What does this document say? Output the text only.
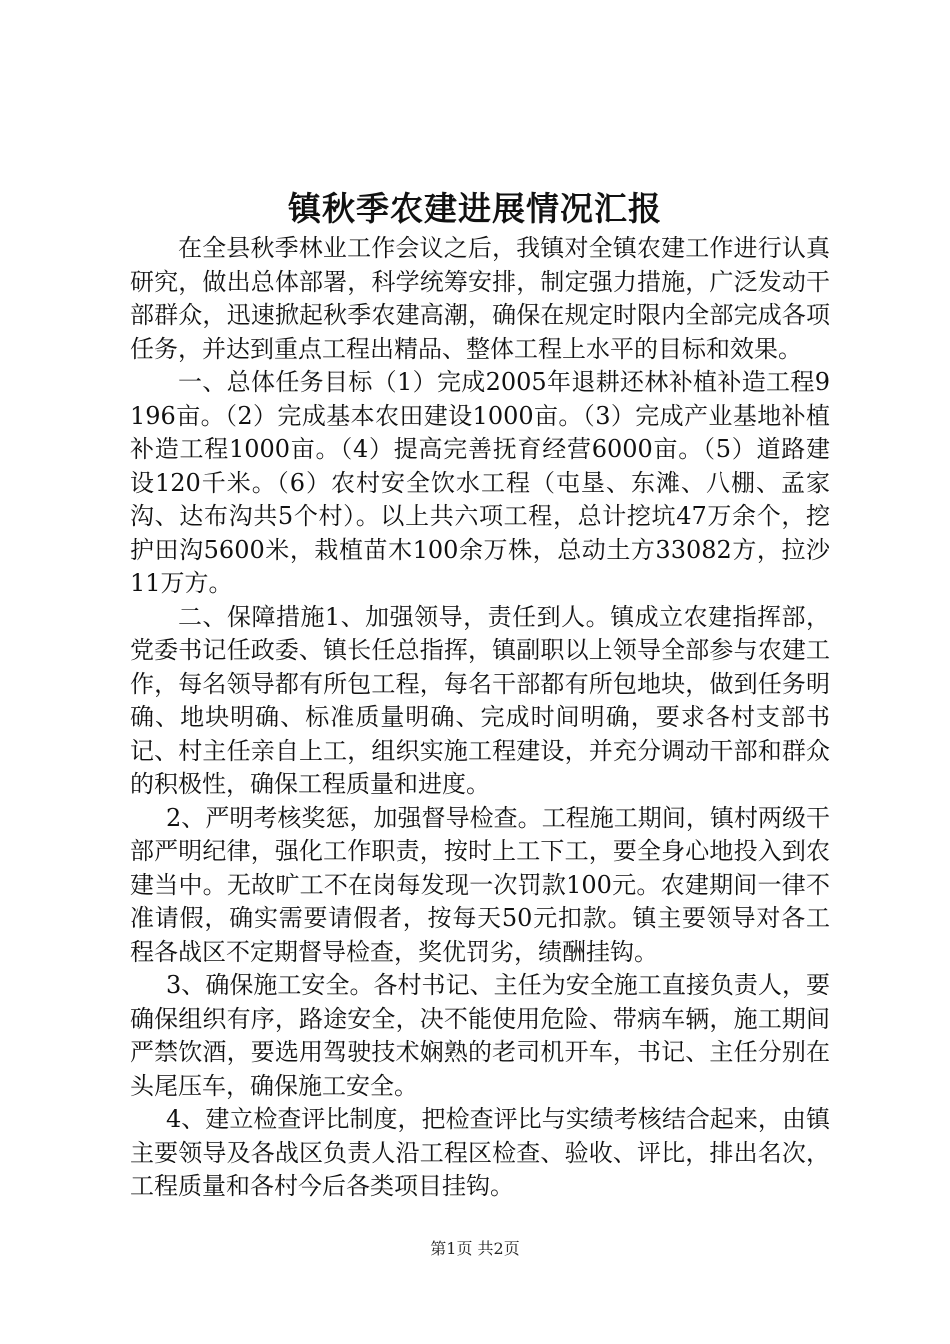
镇秋季农建进展情况汇报

在全县秋季林业工作会议之后，我镇对全镇农建工作进行认真研究，做出总体部署，科学统筹安排，制定强力措施，广泛发动干部群众，迅速掀起秋季农建高潮，确保在规定时限内全部完成各项任务，并达到重点工程出精品、整体工程上水平的目标和效果。

一、总体任务目标（1）完成2005年退耕还林补植补造工程9196亩。（2）完成基本农田建设1000亩。（3）完成产业基地补植补造工程1000亩。（4）提高完善抚育经营6000亩。（5）道路建设120千米。（6）农村安全饮水工程（屯垦、东滩、八棚、孟家沟、达布沟共5个村）。以上共六项工程，总计挖坑47万余个，挖护田沟5600米，栽植苗木100余万株，总动土方33082方，拉沙11万方。

二、保障措施1、加强领导，责任到人。镇成立农建指挥部，党委书记任政委、镇长任总指挥，镇副职以上领导全部参与农建工作，每名领导都有所包工程，每名干部都有所包地块，做到任务明确、地块明确、标准质量明确、完成时间明确，要求各村支部书记、村主任亲自上工，组织实施工程建设，并充分调动干部和群众的积极性，确保工程质量和进度。

2、严明考核奖惩，加强督导检查。工程施工期间，镇村两级干部严明纪律，强化工作职责，按时上工下工，要全身心地投入到农建当中。无故旷工不在岗每发现一次罚款100元。农建期间一律不准请假，确实需要请假者，按每天50元扣款。镇主要领导对各工程各战区不定期督导检查，奖优罚劣，绩酬挂钩。

3、确保施工安全。各村书记、主任为安全施工直接负责人，要确保组织有序，路途安全，决不能使用危险、带病车辆，施工期间严禁饮酒，要选用驾驶技术娴熟的老司机开车，书记、主任分别在头尾压车，确保施工安全。

4、建立检查评比制度，把检查评比与实绩考核结合起来，由镇主要领导及各战区负责人沿工程区检查、验收、评比，排出名次，工程质量和各村今后各类项目挂钩。

第1页 共2页
